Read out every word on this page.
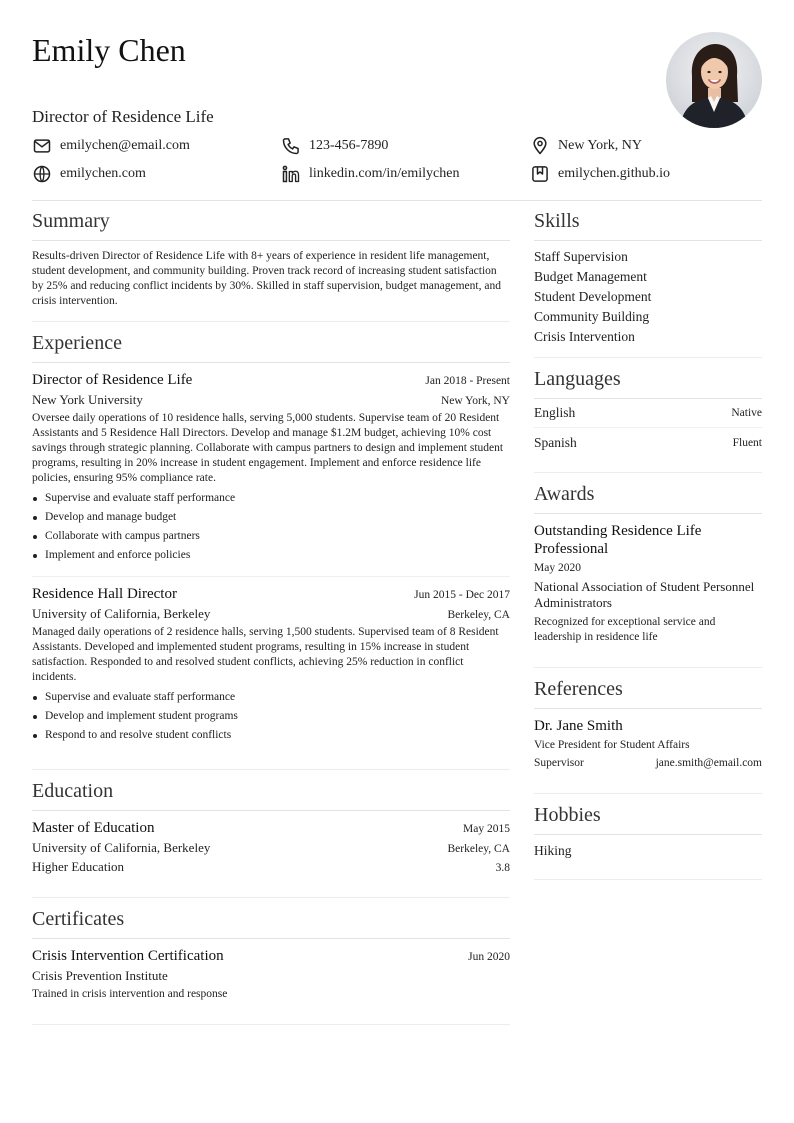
Emily Chen
Director of Residence Life
emilychen@email.com	123-456-7890	New York, NY
emilychen.com	linkedin.com/in/emilychen	emilychen.github.io
Summary
Results-driven Director of Residence Life with 8+ years of experience in resident life management, student development, and community building. Proven track record of increasing student satisfaction by 25% and reducing conflict incidents by 30%. Skilled in staff supervision, budget management, and crisis intervention.
Experience
Director of Residence Life	Jan 2018 - Present
New York University	New York, NY
Oversee daily operations of 10 residence halls, serving 5,000 students. Supervise team of 20 Resident Assistants and 5 Residence Hall Directors. Develop and manage $1.2M budget, achieving 10% cost savings through strategic planning. Collaborate with campus partners to design and implement student programs, resulting in 20% increase in student engagement. Implement and enforce residence life policies, ensuring 95% compliance rate.
Supervise and evaluate staff performance
Develop and manage budget
Collaborate with campus partners
Implement and enforce policies
Residence Hall Director	Jun 2015 - Dec 2017
University of California, Berkeley	Berkeley, CA
Managed daily operations of 2 residence halls, serving 1,500 students. Supervised team of 8 Resident Assistants. Developed and implemented student programs, resulting in 15% increase in student satisfaction. Responded to and resolved student conflicts, achieving 25% reduction in conflict incidents.
Supervise and evaluate staff performance
Develop and implement student programs
Respond to and resolve student conflicts
Education
Master of Education	May 2015
University of California, Berkeley	Berkeley, CA
Higher Education	3.8
Certificates
Crisis Intervention Certification	Jun 2020
Crisis Prevention Institute
Trained in crisis intervention and response
Skills
Staff Supervision
Budget Management
Student Development
Community Building
Crisis Intervention
Languages
English	Native
Spanish	Fluent
Awards
Outstanding Residence Life Professional
May 2020
National Association of Student Personnel Administrators
Recognized for exceptional service and leadership in residence life
References
Dr. Jane Smith
Vice President for Student Affairs
Supervisor	jane.smith@email.com
Hobbies
Hiking
